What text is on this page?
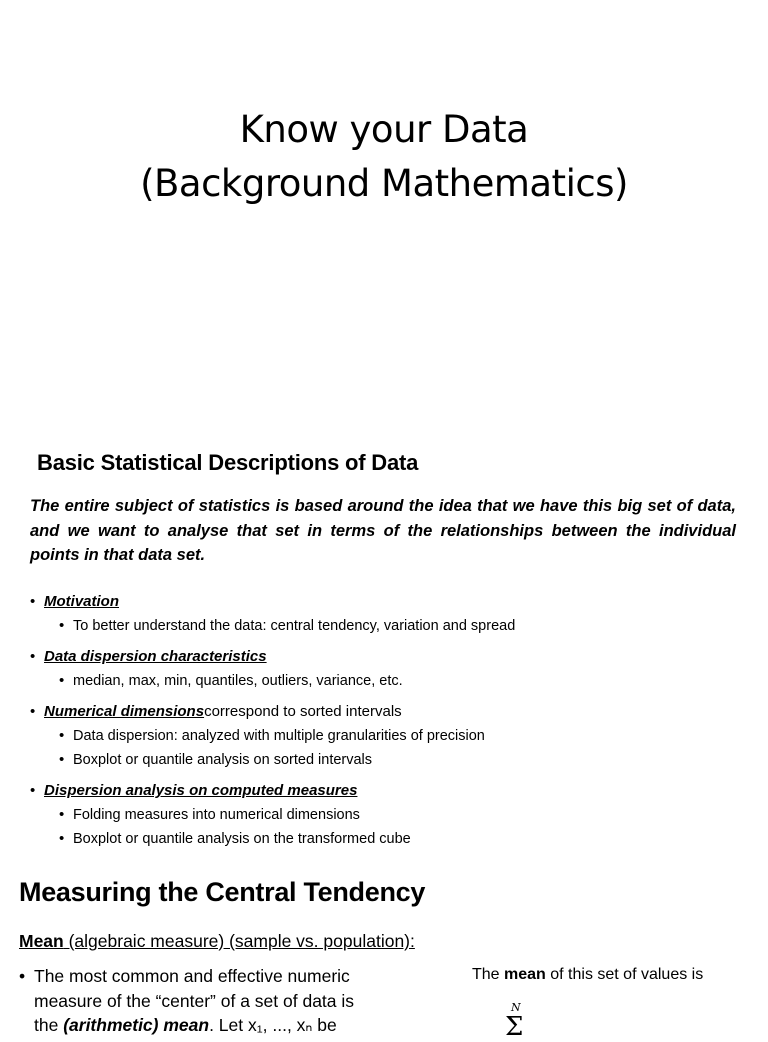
Know your Data
(Background Mathematics)
Basic Statistical Descriptions of Data

The entire subject of statistics is based around the idea that we have this big set of data, and we want to analyse that set in terms of the relationships between the individual points in that data set.

• Motivation
• To better understand the data: central tendency, variation and spread
• Data dispersion characteristics
• median, max, min, quantiles, outliers, variance, etc.
• Numerical dimensions correspond to sorted intervals
• Data dispersion: analyzed with multiple granularities of precision
• Boxplot or quantile analysis on sorted intervals
• Dispersion analysis on computed measures
• Folding measures into numerical dimensions
• Boxplot or quantile analysis on the transformed cube
Measuring the Central Tendency

Mean (algebraic measure) (sample vs. population):

• The most common and effective numeric
measure of the “center” of a set of data is
the (arithmetic) mean. Let x₁, ..., xₙ be

The mean of this set of values is

N
Σ
